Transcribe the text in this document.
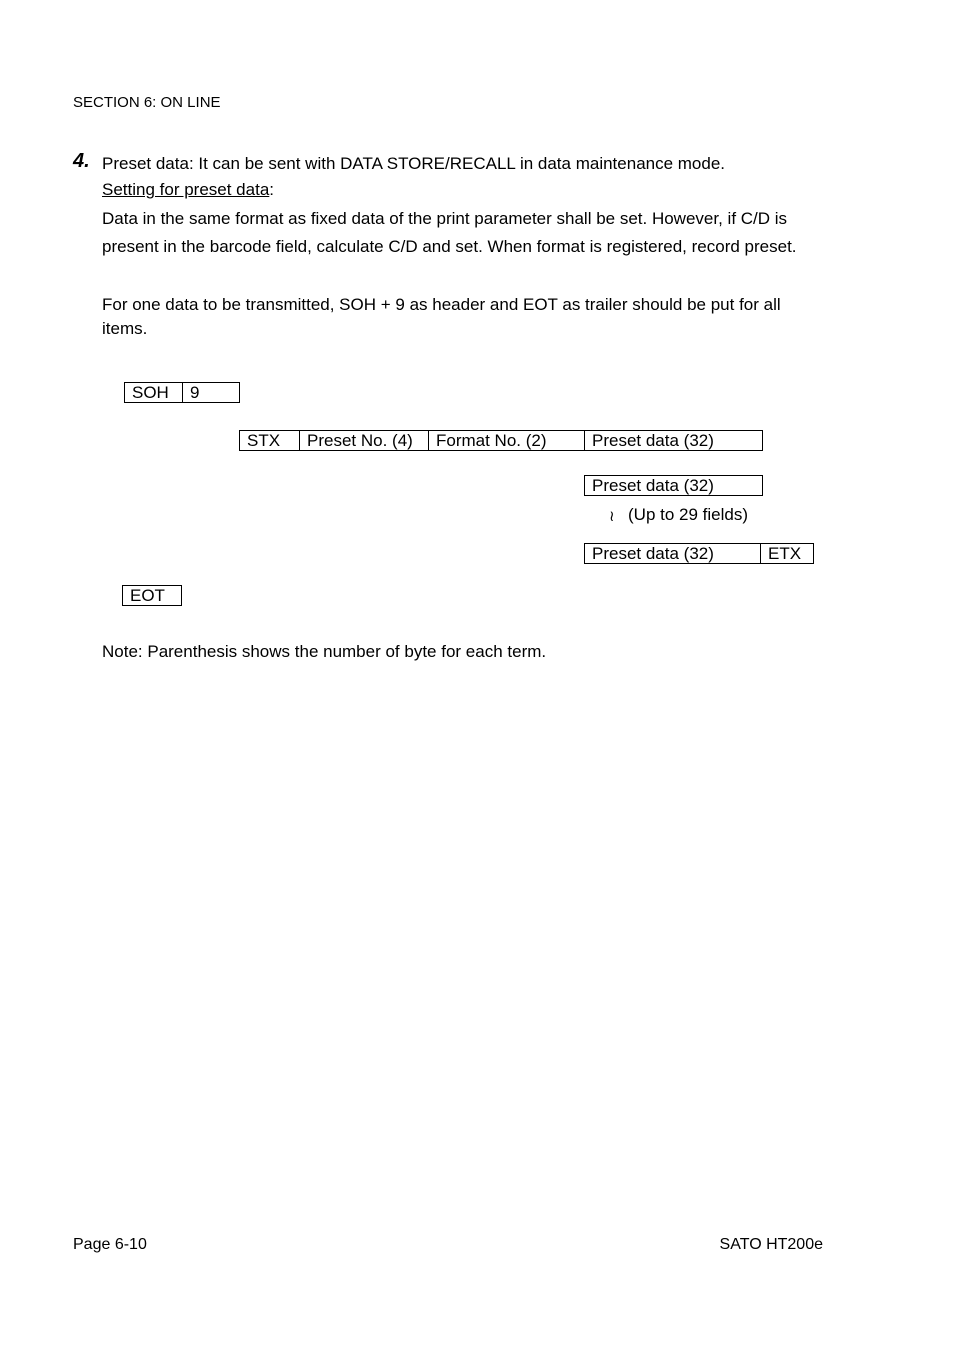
SECTION 6: ON LINE
4. Preset data: It can be sent with DATA STORE/RECALL in data maintenance mode.
Setting for preset data:
Data in the same format as fixed data of the print parameter shall be set. However, if C/D is
present in the barcode field, calculate C/D and set. When format is registered, record preset.
For one data to be transmitted, SOH + 9 as header and EOT as trailer should be put for all
items.
SOH	9
STX	Preset No. (4)	Format No. (2)	Preset data (32)
Preset data (32)
≀ (Up to 29 fields)
Preset data (32)	ETX
EOT
Note: Parenthesis shows the number of byte for each term.
Page 6-10	SATO HT200e
